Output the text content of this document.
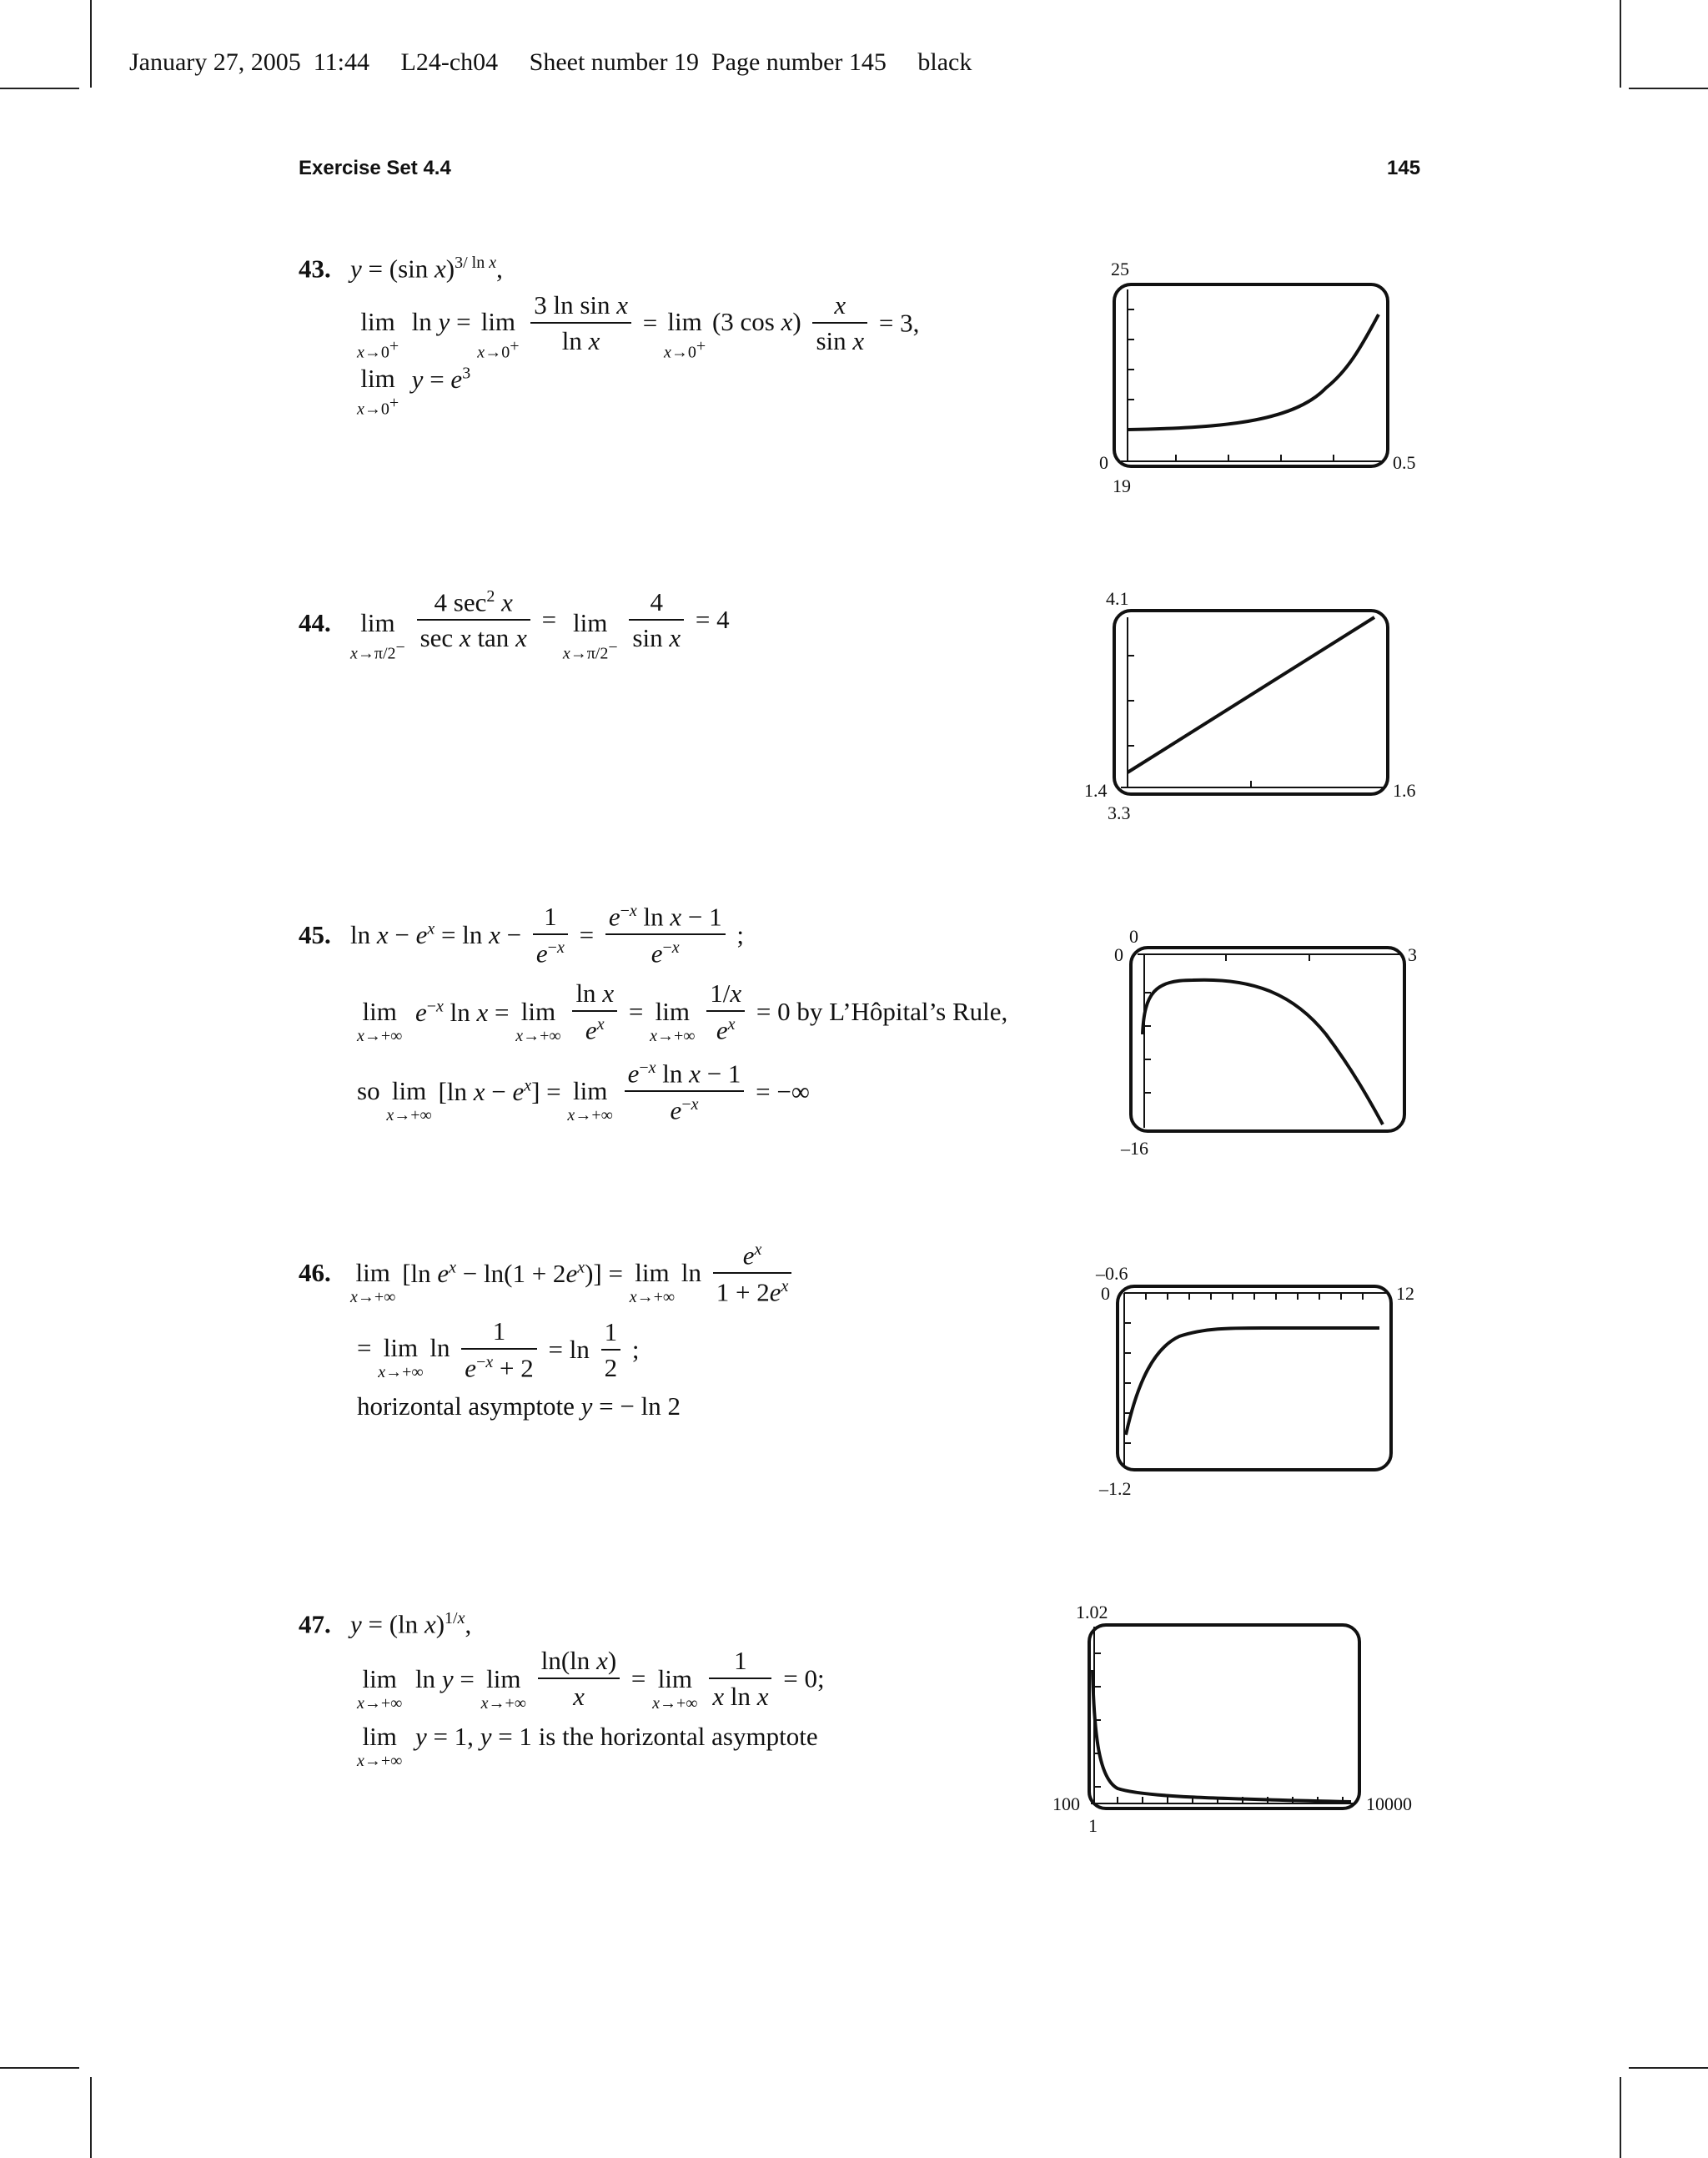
January 27, 2005  11:44     L24-ch04     Sheet number 19  Page number 145     black
Exercise Set 4.4	145
43. y = (sin x)$^{3/ ln x}$,
lim
x→0+
ln y = lim
x→0+
$\frac{\text{3 ln sin x}}{\text{ln x}} = \lim$
x→0+
(3 $\cos x) \frac{x}{\text{sin x}} = 3$,
lim
x→0+
$y = e^3$
44.	lim
x→π/2−
$\frac{4 \sec^2 x}{\text{sec x tan x}} = \lim$
x→π/2−
$\frac{4}{\text{sin x}} = 4$
45.   $\ln x - e^x = \ln x - \frac{1}{e^{-x}} = \frac{e^{-x} \ln x - 1}{e^{-x}}$ ;
lim
x→+∞
$e^{-x}$ ln x = lim
x→+∞
$\frac{\text{ln x}}{e^x} = \lim$
x→+∞
$\frac{1/x}{e^x} = 0$ by L’Hôpital’s Rule,
so lim
x→+∞
[ln $x - e^x] = \lim$
x→+∞
$\frac{e^{-x} \ln x - 1}{e^{-x}}$ = −∞
46. lim
x→+∞
[ln $e^x - \ln(1 + 2e^x)] = \lim$
x→+∞
$\ln \frac{e^x}{1 + 2e^x}$
= lim
x→+∞
$\ln \frac{1}{e^{-x} + 2} = \ln \frac{1}{2}$ ;
horizontal asymptote y = − ln 2
47. y = (ln x)$^{1/x}$,
lim
x→+∞
ln y = lim
x→+∞
$\frac{\text{ln(ln x)}}{x} = \lim$
x→+∞
$\frac{1}{\text{x ln x}} = 0$;
lim
x→+∞
y = 1, y = 1 is the horizontal asymptote
25
0	0.5
19
4.1
1.4	1.6
3.3
0
0	3
–16
–0.6
0	12
–1.2
1.02
100	10000
1
